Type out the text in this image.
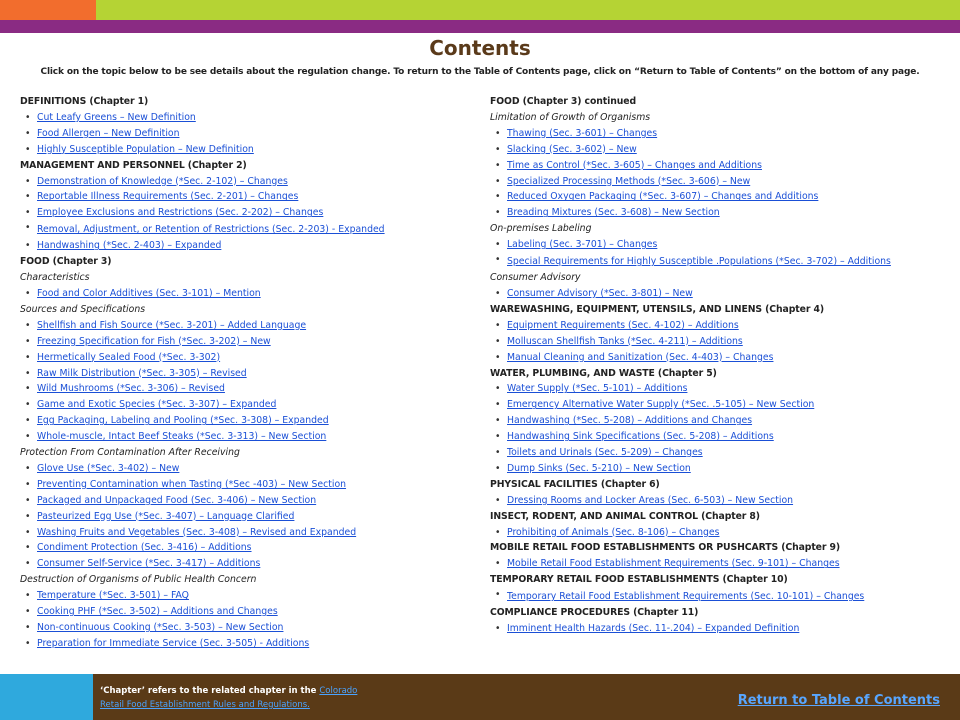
Contents
Click on the topic below to be see details about the regulation change. To return to the Table of Contents page, click on “Return to Table of Contents” on the bottom of any page.
DEFINITIONS (Chapter 1)
• Cut Leafy Greens – New Definition
• Food Allergen – New Definition
• Highly Susceptible Population – New Definition
MANAGEMENT AND PERSONNEL (Chapter 2)
• Demonstration of Knowledge (*Sec. 2-102) – Changes
• Reportable Illness Requirements (Sec. 2-201) – Changes
• Employee Exclusions and Restrictions (Sec. 2-202) – Changes
• Removal, Adjustment, or Retention of Restrictions (Sec. 2-203) - Expanded
• Handwashing (*Sec. 2-403) – Expanded
FOOD (Chapter 3)
Characteristics
• Food and Color Additives (Sec. 3-101) – Mention
Sources and Specifications
• Shellfish and Fish Source (*Sec. 3-201) – Added Language
• Freezing Specification for Fish (*Sec. 3-202) – New
• Hermetically Sealed Food (*Sec. 3-302)
• Raw Milk Distribution (*Sec. 3-305) – Revised
• Wild Mushrooms (*Sec. 3-306) – Revised
• Game and Exotic Species (*Sec. 3-307) – Expanded
• Egg Packaging, Labeling and Pooling (*Sec. 3-308) – Expanded
• Whole-muscle, Intact Beef Steaks (*Sec. 3-313) – New Section
Protection From Contamination After Receiving
• Glove Use (*Sec. 3-402) – New
• Preventing Contamination when Tasting (*Sec -403) – New Section
• Packaged and Unpackaged Food (Sec. 3-406) – New Section
• Pasteurized Egg Use (*Sec. 3-407) – Language Clarified
• Washing Fruits and Vegetables (Sec. 3-408) – Revised and Expanded
• Condiment Protection (Sec. 3-416) – Additions
• Consumer Self-Service (*Sec. 3-417) – Additions
Destruction of Organisms of Public Health Concern
• Temperature (*Sec. 3-501) – FAQ
• Cooking PHF (*Sec. 3-502) – Additions and Changes
• Non-continuous Cooking (*Sec. 3-503) – New Section
• Preparation for Immediate Service (Sec. 3-505) - Additions
FOOD (Chapter 3) continued
Limitation of Growth of Organisms
• Thawing (Sec. 3-601) – Changes
• Slacking (Sec. 3-602) – New
• Time as Control (*Sec. 3-605) – Changes and Additions
• Specialized Processing Methods (*Sec. 3-606) – New
• Reduced Oxygen Packaging (*Sec. 3-607) – Changes and Additions
• Breading Mixtures (Sec. 3-608) – New Section
On-premises Labeling
• Labeling (Sec. 3-701) – Changes
• Special Requirements for Highly Susceptible .Populations (*Sec. 3-702) – Additions
Consumer Advisory
• Consumer Advisory (*Sec. 3-801) – New
WAREWASHING, EQUIPMENT, UTENSILS, AND LINENS (Chapter 4)
• Equipment Requirements (Sec. 4-102) – Additions
• Molluscan Shellfish Tanks (*Sec. 4-211) – Additions
• Manual Cleaning and Sanitization (Sec. 4-403) – Changes
WATER, PLUMBING, AND WASTE (Chapter 5)
• Water Supply (*Sec. 5-101) – Additions
• Emergency Alternative Water Supply (*Sec. .5-105) – New Section
• Handwashing (*Sec. 5-208) – Additions and Changes
• Handwashing Sink Specifications (Sec. 5-208) – Additions
• Toilets and Urinals (Sec. 5-209) – Changes
• Dump Sinks (Sec. 5-210) – New Section
PHYSICAL FACILITIES (Chapter 6)
• Dressing Rooms and Locker Areas (Sec. 6-503) – New Section
INSECT, RODENT, AND ANIMAL CONTROL (Chapter 8)
• Prohibiting of Animals (Sec. 8-106) – Changes
MOBILE RETAIL FOOD ESTABLISHMENTS OR PUSHCARTS (Chapter 9)
• Mobile Retail Food Establishment Requirements (Sec. 9-101) – Changes
TEMPORARY RETAIL FOOD ESTABLISHMENTS (Chapter 10)
• Temporary Retail Food Establishment Requirements (Sec. 10-101) – Changes
COMPLIANCE PROCEDURES (Chapter 11)
• Imminent Health Hazards (Sec. 11-.204) – Expanded Definition
‘Chapter’ refers to the related chapter in the Colorado Retail Food Establishment Rules and Regulations.	Return to Table of Contents
